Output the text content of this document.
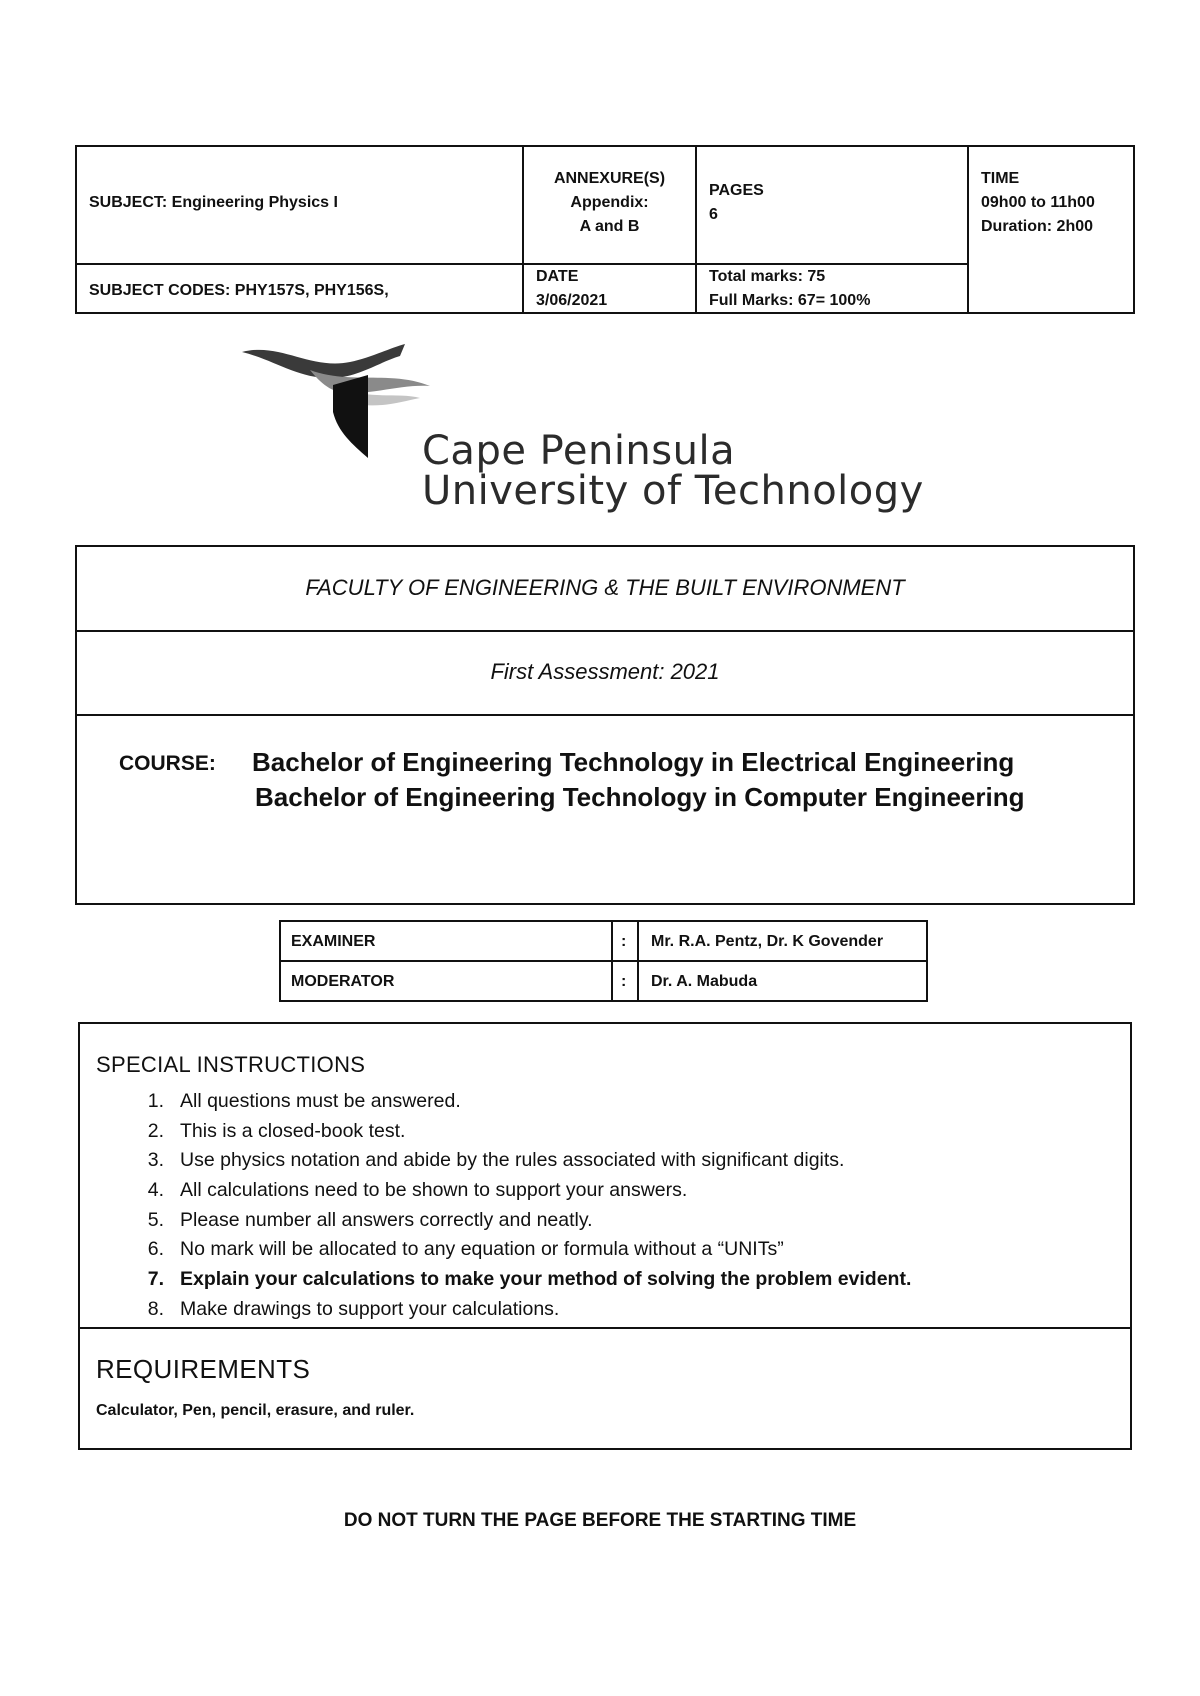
SUBJECT: Engineering Physics I
SUBJECT CODES: PHY157S, PHY156S,
ANNEXURE(S)
Appendix:
A and B
DATE
3/06/2021
PAGES
6
Total marks: 75
Full Marks: 67= 100%
TIME
09h00 to 11h00
Duration: 2h00
Cape Peninsula
University of Technology
FACULTY OF ENGINEERING & THE BUILT ENVIRONMENT
First Assessment: 2021
COURSE: Bachelor of Engineering Technology in Electrical Engineering
Bachelor of Engineering Technology in Computer Engineering
EXAMINER	: Mr. R.A. Pentz, Dr. K Govender
MODERATOR	: Dr. A. Mabuda
SPECIAL INSTRUCTIONS
1. All questions must be answered.
2. This is a closed-book test.
3. Use physics notation and abide by the rules associated with significant digits.
4. All calculations need to be shown to support your answers.
5. Please number all answers correctly and neatly.
6. No mark will be allocated to any equation or formula without a “UNITs”
7. Explain your calculations to make your method of solving the problem evident.
8. Make drawings to support your calculations.
REQUIREMENTS
Calculator, Pen, pencil, erasure, and ruler.
DO NOT TURN THE PAGE BEFORE THE STARTING TIME
